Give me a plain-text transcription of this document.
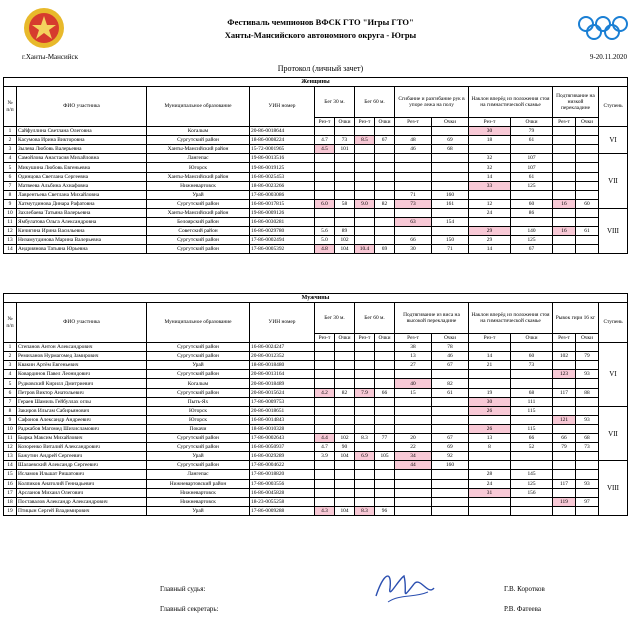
Фестиваль чемпионов ВФСК ГТО "Игры ГТО"
Ханты-Мансийского автономного округа - Югры
г.Ханты-Мансийск	9-20.11.2020
Протокол (личный зачет)
Женщины														
№ п/п	ФИО участника	Муниципальное образование	УИН номер	Бег 30 м.		Бег 60 м.		Сгибание и разгибание рук в упоре лежа на полу		Наклон вперёд из положения стоя на гимнастической скамье		Подтягивание на низкой перекладине		Ступень
				Рез-т	Очки	Рез-т	Очки	Рез-т	Очки	Рез-т	Очки	Рез-т	Очки	
1	Сайфуллина Светлана Олеговна	Когалым	20-86-0018644							30	79			VI
2	Касумова Ирина Викторовна	Сургутский район	18-86-0008224	4.7	73	8.5	67	48	69	18	61			
3	Зылева Любовь Валерьевна	Ханты-Мансийский район	15-72-0001965	4.5	101			46	68					
4	Самойлова Анастасия Михайловна	Лангепас	19-86-0013516							32	107			VII
5	Микушина Любовь Евгеньевна	Югорск	19-86-0019125							32	107			
6	Одинцова Светлана Сергеевна	Ханты-Мансийский район	16-86-0025453							14	61			
7	Матвеева Альбина Ахнафовна	Нижневартовск	18-86-0023266							33	125			
8	Лаврентьева Светлана Михайловна	Урай	17-86-0003086					71	160					
9	Хатмутдинова Динара Рафатовна	Сургутский район	16-86-0017815	6.0	58	9.0	82	73	161	12	60	16	60	
10	Захлебаева Татьяна Валерьевна	Ханты-Мансийский район	19-86-0009126							24	86			VIII
11	Ямбулатова Ольга Александровна	Белоярский район	16-86-0030281					63	154					
12	Кичигина Ирина Васильевна	Советский район	16-86-0029780	5.6	89					29	140	16	61	
13	Низамутдинова Марина Валерьевна	Сургутский район	17-86-0002494	5.0	102			66	150	29	125			
14	Андриянова Татьяна Юрьевна	Сургутский район	17-86-0005392	4.8	104	10.4	69	30	71	14	67			
Мужчины														
№ п/п	ФИО участника	Муниципальное образование	УИН номер	Бег 30 м.		Бег 60 м.		Подтягивание из виса на высокой перекладине		Наклон вперёд из положения стоя на гимнастической скамье		Рывок гири 16 кг		Ступень
				Рез-т	Очки	Рез-т	Очки	Рез-т	Очки	Рез-т	Очки	Рез-т	Очки	
1	Степанов Антон Александрович	Сургутский район	16-86-0024247					38	78					VI
2	Ремиханов Нурмагомед Замирович	Сургутский район	20-86-0012352					13	46	14	60	102	79	
3	Квакин Артём Евгеньевич	Урай	18-86-0018480					27	67	21	73			
4	Ковардинов Павел Леонидович	Сургутский район	20-86-0013164									123	93	
5	Рудковский Кирилл Дмитриевич	Когалым	20-86-0018489					40	82					
6	Петров Виктор Анатольевич	Сургутский район	20-86-0015624	4.2	82	7.9	66	15	61	19	68	117	88	
7	Гераев Шамиль Гейбуллах оглы	Пыть-Ях	17-86-0009753							30	111			
8	Закиров Ильгам Сабирьянович	Югорск	20-86-0018651							26	115			VII
9	Сафонов Александр Андреевич	Югорск	16-86-0014843									121	93	
10	Раджабов Магомед Шихисламович	Покачи	18-86-0010328							26	115			
11	Бырка Максим Михайлович	Сургутский район	17-86-0002643	4.4	102	8.3	77	20	67	13	66	66	68	
12	Козоренко Виталий Александрович	Сургутский район	16-86-0050937	4.7	90			22	69	8	52	79	73	
13	Бажутин Андрей Сергеевич	Урай	16-86-0029289	3.9	104	6.9	105	34	92					
14	Шалаевский Александр Сергеевич	Сургутский район	17-86-0004622					44	160					VIII
15	Исламов Ильшат Ришатович	Лангепас	17-86-0018820							28	145			
16	Колпиков Анатолий Геннадьевич	Нижневартовский район	17-86-0003556							24	125	117	93	
17	Арсланов Михаил Олегович	Нижневартовск	16-86-0045828							31	156			
18	Поставалов Александр Александрович	Нижневартовск	18-23-0055258									119	97	
19	Птицын Сергей Владимирович	Урай	17-86-0009288	4.3	104	8.3	96							
Главный судья:	Г.В. Коротков
Главный секретарь:	Р.В. Фатеева
